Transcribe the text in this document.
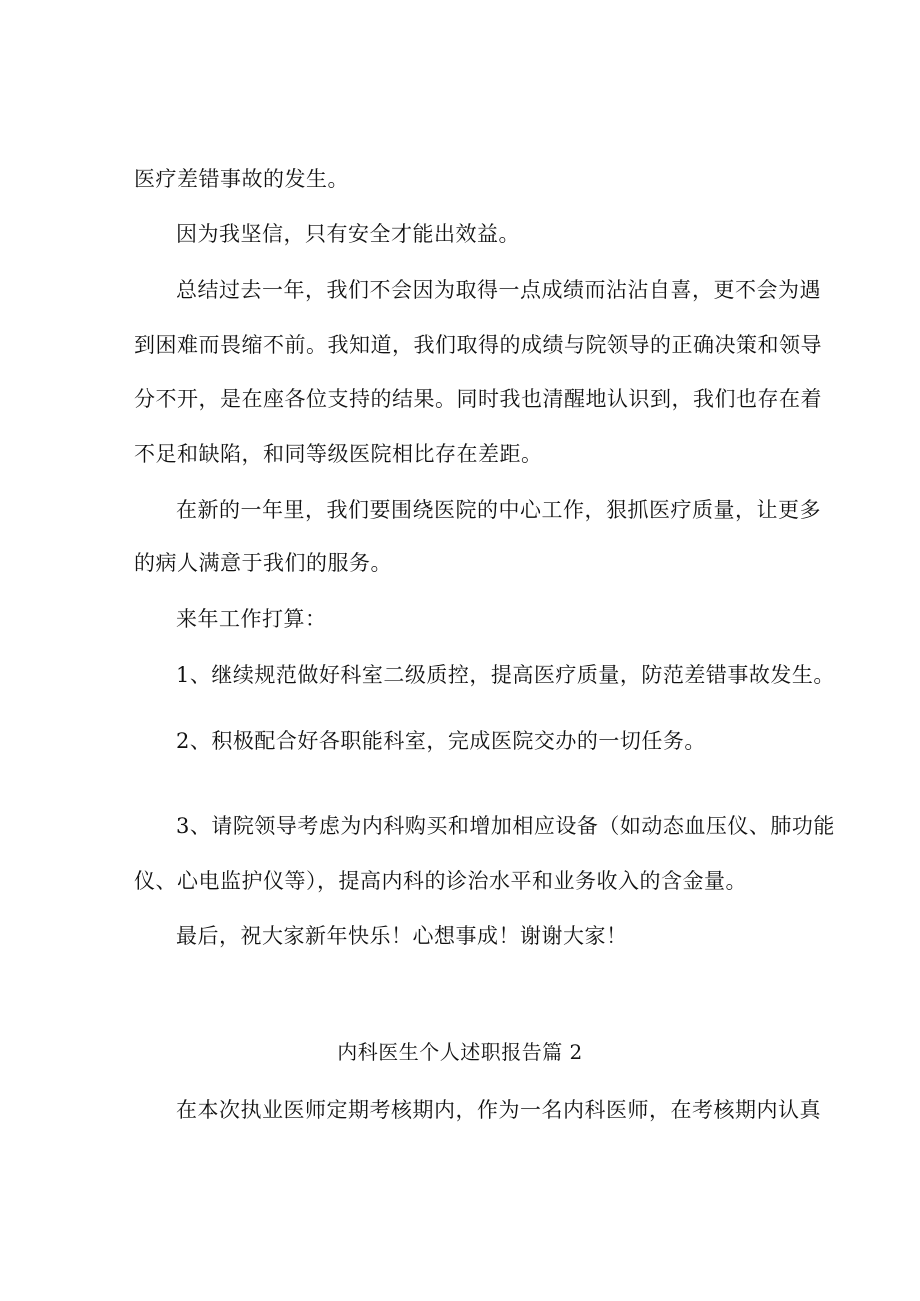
医疗差错事故的发生。
因为我坚信，只有安全才能出效益。
总结过去一年，我们不会因为取得一点成绩而沾沾自喜，更不会为遇
到困难而畏缩不前。我知道，我们取得的成绩与院领导的正确决策和领导
分不开，是在座各位支持的结果。同时我也清醒地认识到，我们也存在着
不足和缺陷，和同等级医院相比存在差距。
在新的一年里，我们要围绕医院的中心工作，狠抓医疗质量，让更多
的病人满意于我们的服务。
来年工作打算：
1、继续规范做好科室二级质控，提高医疗质量，防范差错事故发生。
2、积极配合好各职能科室，完成医院交办的一切任务。
3、请院领导考虑为内科购买和增加相应设备（如动态血压仪、肺功能
仪、心电监护仪等），提高内科的诊治水平和业务收入的含金量。
最后，祝大家新年快乐！心想事成！谢谢大家！
内科医生个人述职报告篇 2
在本次执业医师定期考核期内，作为一名内科医师，在考核期内认真
